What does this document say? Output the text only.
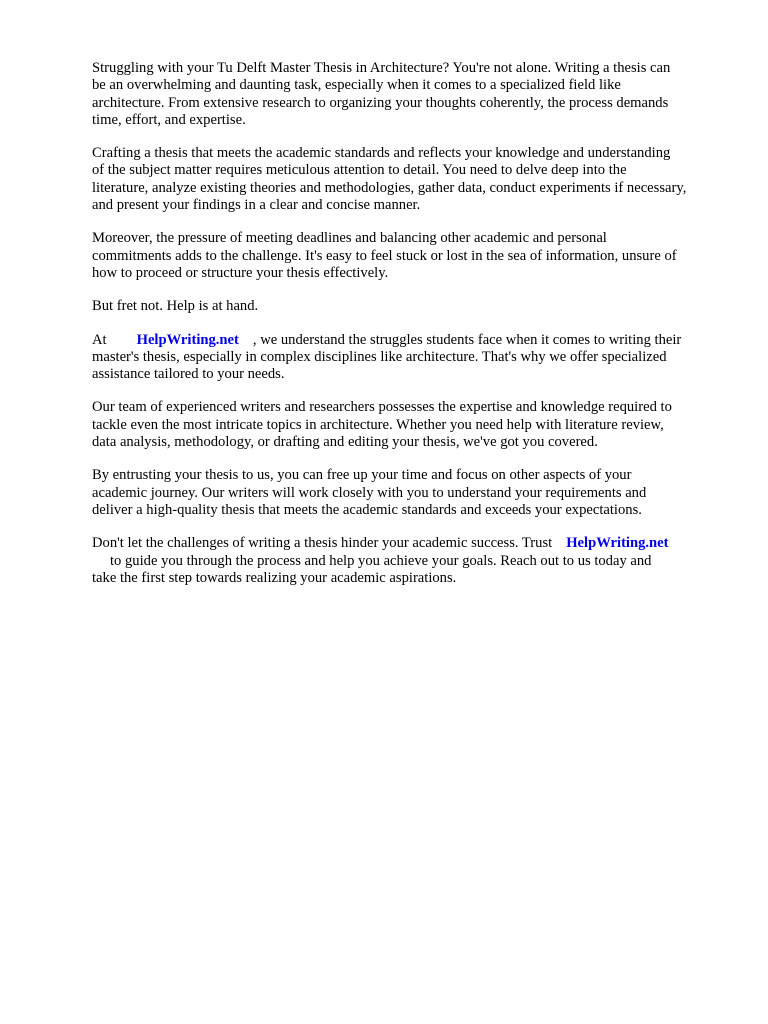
Struggling with your Tu Delft Master Thesis in Architecture? You're not alone. Writing a thesis can
be an overwhelming and daunting task, especially when it comes to a specialized field like
architecture. From extensive research to organizing your thoughts coherently, the process demands
time, effort, and expertise.

Crafting a thesis that meets the academic standards and reflects your knowledge and understanding
of the subject matter requires meticulous attention to detail. You need to delve deep into the
literature, analyze existing theories and methodologies, gather data, conduct experiments if necessary,
and present your findings in a clear and concise manner.

Moreover, the pressure of meeting deadlines and balancing other academic and personal
commitments adds to the challenge. It's easy to feel stuck or lost in the sea of information, unsure of
how to proceed or structure your thesis effectively.

But fret not. Help is at hand.

At HelpWriting.net , we understand the struggles students face when it comes to writing their
master's thesis, especially in complex disciplines like architecture. That's why we offer specialized
assistance tailored to your needs.

Our team of experienced writers and researchers possesses the expertise and knowledge required to
tackle even the most intricate topics in architecture. Whether you need help with literature review,
data analysis, methodology, or drafting and editing your thesis, we've got you covered.

By entrusting your thesis to us, you can free up your time and focus on other aspects of your
academic journey. Our writers will work closely with you to understand your requirements and
deliver a high-quality thesis that meets the academic standards and exceeds your expectations.

Don't let the challenges of writing a thesis hinder your academic success. Trust HelpWriting.net
to guide you through the process and help you achieve your goals. Reach out to us today and
take the first step towards realizing your academic aspirations.
